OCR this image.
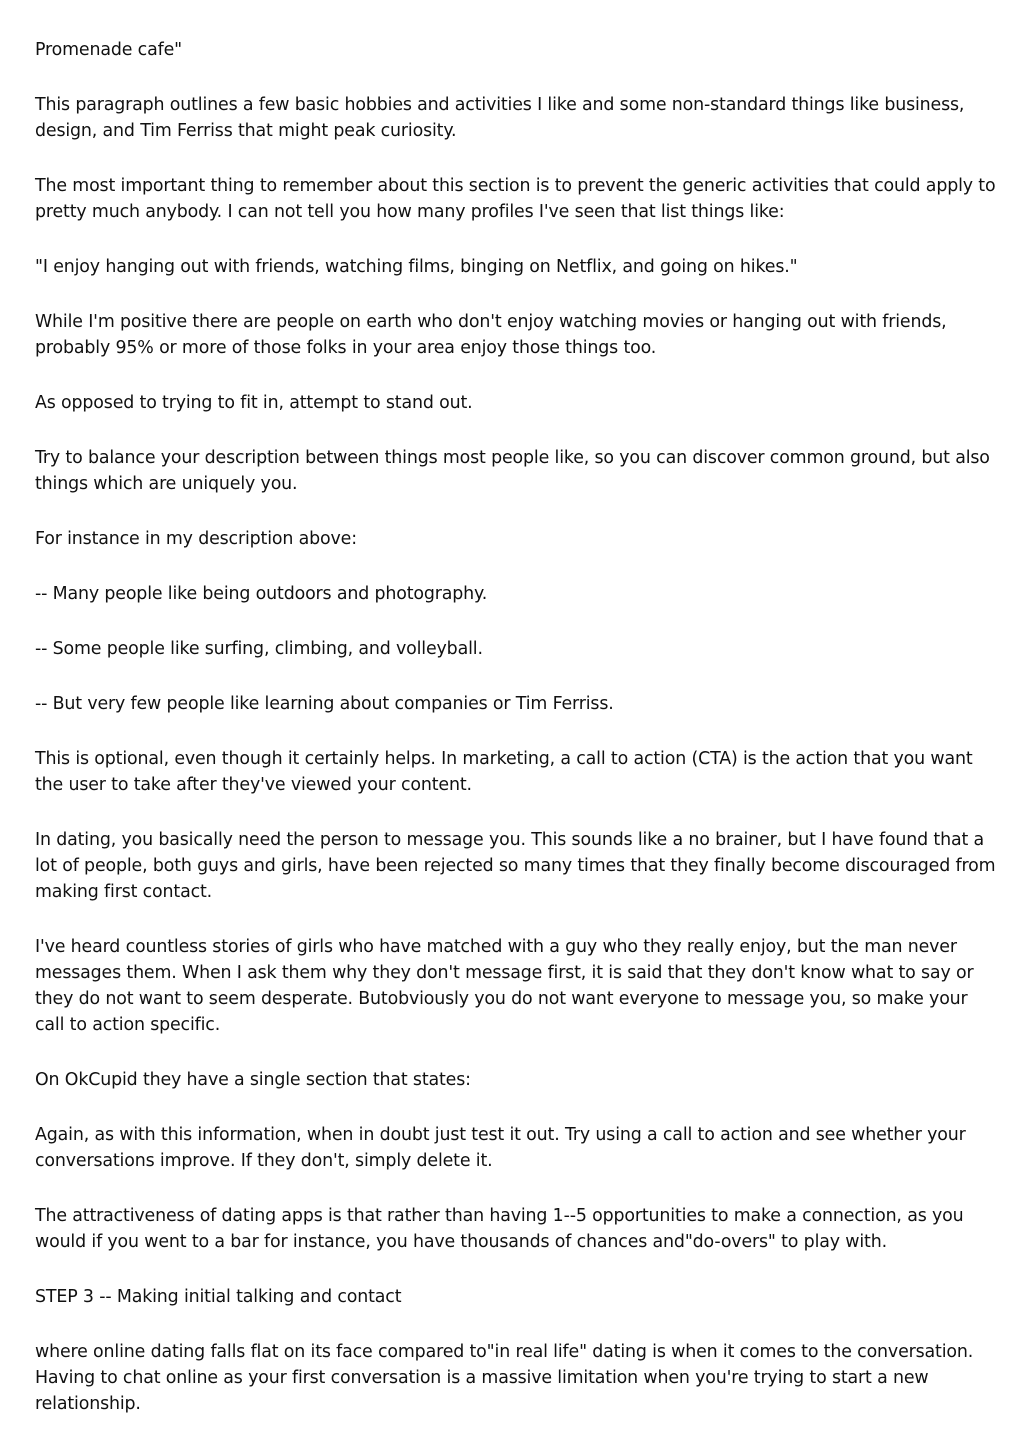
Promenade cafe"

This paragraph outlines a few basic hobbies and activities I like and some non-standard things like business, design, and Tim Ferriss that might peak curiosity.

The most important thing to remember about this section is to prevent the generic activities that could apply to pretty much anybody. I can not tell you how many profiles I've seen that list things like:

"I enjoy hanging out with friends, watching films, binging on Netflix, and going on hikes."

While I'm positive there are people on earth who don't enjoy watching movies or hanging out with friends, probably 95% or more of those folks in your area enjoy those things too.

As opposed to trying to fit in, attempt to stand out.

Try to balance your description between things most people like, so you can discover common ground, but also things which are uniquely you.

For instance in my description above:

-- Many people like being outdoors and photography.

-- Some people like surfing, climbing, and volleyball.

-- But very few people like learning about companies or Tim Ferriss.

This is optional, even though it certainly helps. In marketing, a call to action (CTA) is the action that you want the user to take after they've viewed your content.

In dating, you basically need the person to message you. This sounds like a no brainer, but I have found that a lot of people, both guys and girls, have been rejected so many times that they finally become discouraged from making first contact.

I've heard countless stories of girls who have matched with a guy who they really enjoy, but the man never messages them. When I ask them why they don't message first, it is said that they don't know what to say or they do not want to seem desperate. Butobviously you do not want everyone to message you, so make your call to action specific.

On OkCupid they have a single section that states:

Again, as with this information, when in doubt just test it out. Try using a call to action and see whether your conversations improve. If they don't, simply delete it.

The attractiveness of dating apps is that rather than having 1--5 opportunities to make a connection, as you would if you went to a bar for instance, you have thousands of chances and"do-overs" to play with.

STEP 3 -- Making initial talking and contact

where online dating falls flat on its face compared to"in real life" dating is when it comes to the conversation. Having to chat online as your first conversation is a massive limitation when you're trying to start a new relationship.
